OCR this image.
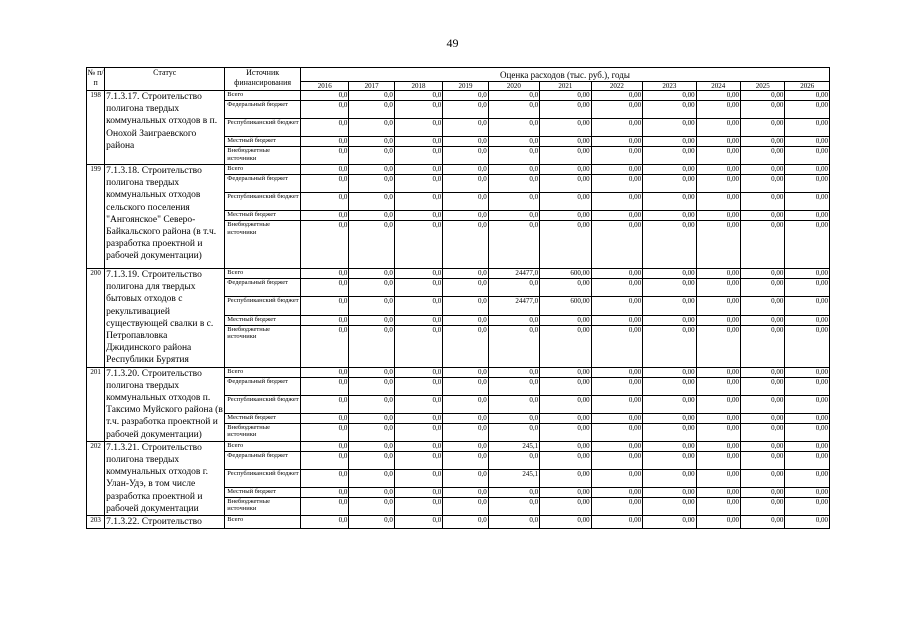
49
№ п/п	Статус	Источник финансирования	Оценка расходов (тыс. руб.), годы										
			2016	2017	2018	2019	2020	2021	2022	2023	2024	2025	2026
198	7.1.3.17. Строительство полигона твердых коммунальных отходов в п. Онохой Заиграевского района	Всего	0,0	0,0	0,0	0,0	0,0	0,00	0,00	0,00	0,00	0,00	0,00
		Федеральный бюджет	0,0	0,0	0,0	0,0	0,0	0,00	0,00	0,00	0,00	0,00	0,00
		Республиканский бюджет	0,0	0,0	0,0	0,0	0,0	0,00	0,00	0,00	0,00	0,00	0,00
		Местный бюджет	0,0	0,0	0,0	0,0	0,0	0,00	0,00	0,00	0,00	0,00	0,00
		Внебюджетные источники	0,0	0,0	0,0	0,0	0,0	0,00	0,00	0,00	0,00	0,00	0,00
199	7.1.3.18. Строительство полигона твердых коммунальных отходов сельского поселения "Ангоянское" Северо-Байкальского района (в т.ч. разработка проектной и рабочей документации)	Всего	0,0	0,0	0,0	0,0	0,0	0,00	0,00	0,00	0,00	0,00	0,00
		Федеральный бюджет	0,0	0,0	0,0	0,0	0,0	0,00	0,00	0,00	0,00	0,00	0,00
		Республиканский бюджет	0,0	0,0	0,0	0,0	0,0	0,00	0,00	0,00	0,00	0,00	0,00
		Местный бюджет	0,0	0,0	0,0	0,0	0,0	0,00	0,00	0,00	0,00	0,00	0,00
		Внебюджетные источники	0,0	0,0	0,0	0,0	0,0	0,00	0,00	0,00	0,00	0,00	0,00
200	7.1.3.19. Строительство полигона для твердых бытовых отходов с рекультивацией существующей свалки в с. Петропавловка Джидинского района Республики Бурятия	Всего	0,0	0,0	0,0	0,0	24477,0	600,00	0,00	0,00	0,00	0,00	0,00
		Федеральный бюджет	0,0	0,0	0,0	0,0	0,0	0,00	0,00	0,00	0,00	0,00	0,00
		Республиканский бюджет	0,0	0,0	0,0	0,0	24477,0	600,00	0,00	0,00	0,00	0,00	0,00
		Местный бюджет	0,0	0,0	0,0	0,0	0,0	0,00	0,00	0,00	0,00	0,00	0,00
		Внебюджетные источники	0,0	0,0	0,0	0,0	0,0	0,00	0,00	0,00	0,00	0,00	0,00
201	7.1.3.20. Строительство полигона твердых коммунальных отходов п. Таксимо Муйского района (в т.ч. разработка проектной и рабочей документации)	Всего	0,0	0,0	0,0	0,0	0,0	0,00	0,00	0,00	0,00	0,00	0,00
		Федеральный бюджет	0,0	0,0	0,0	0,0	0,0	0,00	0,00	0,00	0,00	0,00	0,00
		Республиканский бюджет	0,0	0,0	0,0	0,0	0,0	0,00	0,00	0,00	0,00	0,00	0,00
		Местный бюджет	0,0	0,0	0,0	0,0	0,0	0,00	0,00	0,00	0,00	0,00	0,00
		Внебюджетные источники	0,0	0,0	0,0	0,0	0,0	0,00	0,00	0,00	0,00	0,00	0,00
202	7.1.3.21. Строительство полигона твердых коммунальных отходов г. Улан-Удэ, в том числе разработка проектной и рабочей документации	Всего	0,0	0,0	0,0	0,0	245,1	0,00	0,00	0,00	0,00	0,00	0,00
		Федеральный бюджет	0,0	0,0	0,0	0,0	0,0	0,00	0,00	0,00	0,00	0,00	0,00
		Республиканский бюджет	0,0	0,0	0,0	0,0	245,1	0,00	0,00	0,00	0,00	0,00	0,00
		Местный бюджет	0,0	0,0	0,0	0,0	0,0	0,00	0,00	0,00	0,00	0,00	0,00
		Внебюджетные источники	0,0	0,0	0,0	0,0	0,0	0,00	0,00	0,00	0,00	0,00	0,00
203	7.1.3.22. Строительство	Всего	0,0	0,0	0,0	0,0	0,0	0,00	0,00	0,00	0,00	0,00	0,00
